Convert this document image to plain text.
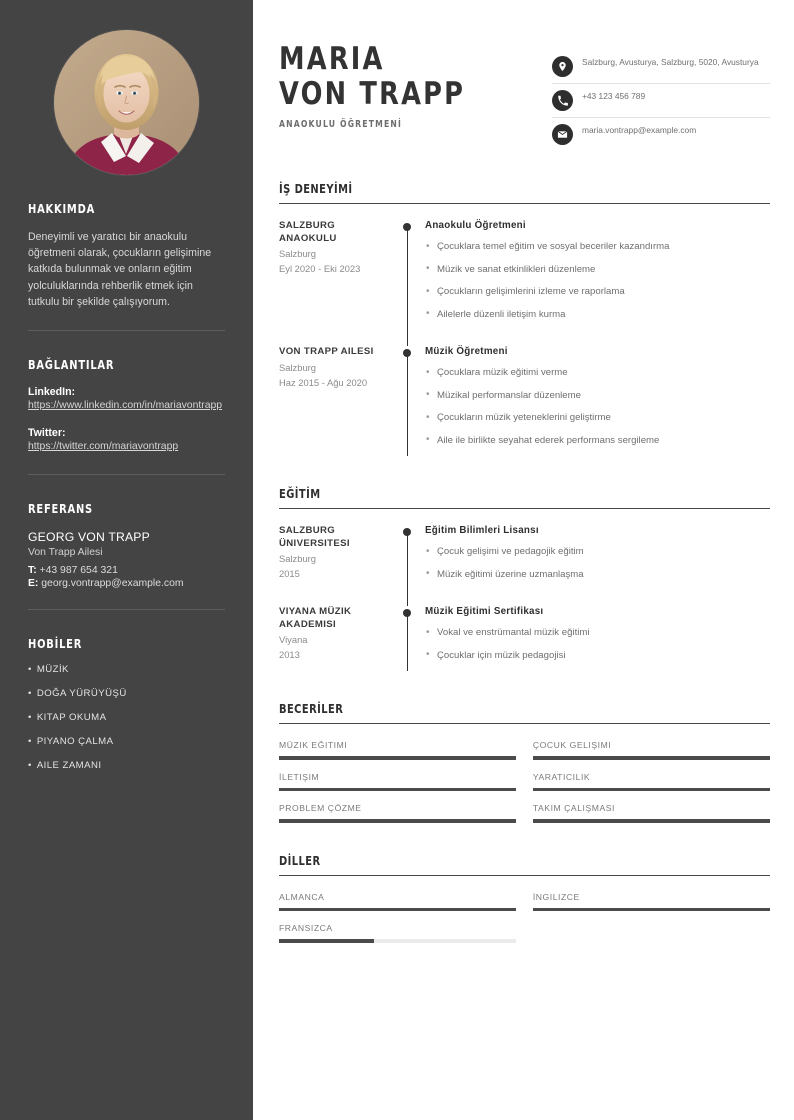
HAKKIMDA

Deneyimli ve yaratıcı bir anaokulu öğretmeni olarak, çocukların gelişimine katkıda bulunmak ve onların eğitim yolculuklarında rehberlik etmek için tutkulu bir şekilde çalışıyorum.

BAĞLANTILAR
LinkedIn:
https://www.linkedin.com/in/mariavontrapp
Twitter:
https://twitter.com/mariavontrapp
REFERANS
GEORG VON TRAPP
Von Trapp Ailesi
T: +43 987 654 321
E: georg.vontrapp@example.com
HOBİLER
• MÜZİK
• DOĞA YÜRÜYÜŞÜ
• KITAP OKUMA
• PIYANO ÇALMA
• AILE ZAMANI
MARIA
VON TRAPP
ANAOKULU ÖĞRETMENİ
Salzburg, Avusturya, Salzburg, 5020, Avusturya
+43 123 456 789
maria.vontrapp@example.com
İŞ DENEYİMİ
SALZBURG ANAOKULU
Salzburg
Eyl 2020 - Eki 2023
Anaokulu Öğretmeni
• Çocuklara temel eğitim ve sosyal beceriler kazandırma
• Müzik ve sanat etkinlikleri düzenleme
• Çocukların gelişimlerini izleme ve raporlama
• Ailelerle düzenli iletişim kurma
VON TRAPP AILESI
Salzburg
Haz 2015 - Ağu 2020
Müzik Öğretmeni
• Çocuklara müzik eğitimi verme
• Müzikal performanslar düzenleme
• Çocukların müzik yeteneklerini geliştirme
• Aile ile birlikte seyahat ederek performans sergileme
EĞİTİM
SALZBURG ÜNIVERSITESI
Salzburg
2015
Eğitim Bilimleri Lisansı
• Çocuk gelişimi ve pedagojik eğitim
• Müzik eğitimi üzerine uzmanlaşma
VIYANA MÜZIK AKADEMISI
Viyana
2013
Müzik Eğitimi Sertifikası
• Vokal ve enstrümantal müzik eğitimi
• Çocuklar için müzik pedagojisi
BECERİLER
MÜZIK EĞITIMI	ÇOCUK GELIŞIMI
İLETIŞIM	YARATICILIK
PROBLEM ÇÖZME	TAKIM ÇALIŞMASI
DİLLER
ALMANCA	İNGILIZCE
FRANSIZCA
